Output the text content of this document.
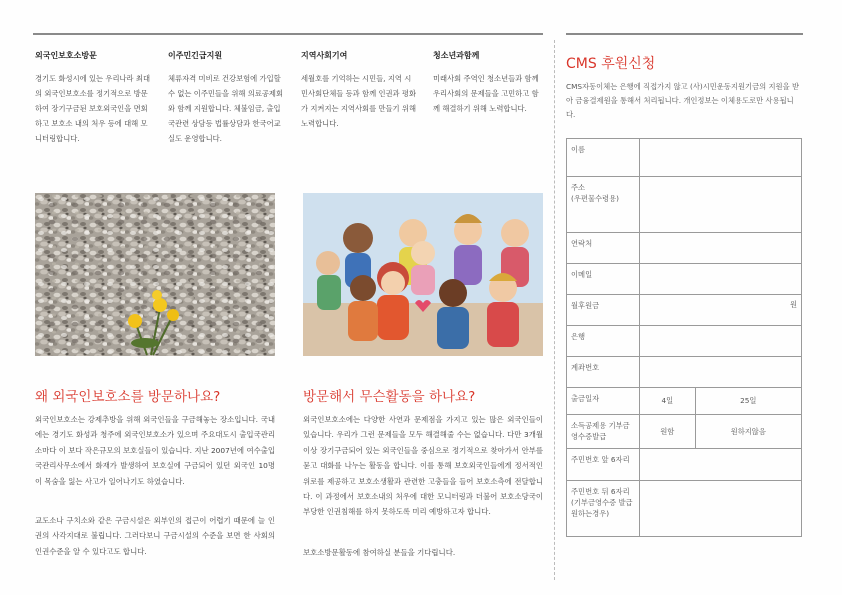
외국인보호소방문
경기도 화성시에 있는 우리나라 최대의 외국인보호소를 정기적으로 방문하여 장기구금된 보호외국인을 면회하고 보호소 내의 처우 등에 대해 모니터링합니다.
이주민긴급지원
체류자격 미비로 건강보험에 가입할 수 없는 이주민들을 위해 의료공제회와 함께 지원합니다. 체불임금, 출입국관련 상담등 법률상담과 한국어교실도 운영합니다.
지역사회기여
세월호를 기억하는 시민들, 지역 시민사회단체들 등과 함께 인권과 평화가 지켜지는 지역사회를 만들기 위해 노력합니다.
청소년과함께
미래사회 주역인 청소년들과 함께 우리사회의 문제들을 고민하고 함께 해결하기 위해 노력합니다.
왜 외국인보호소를 방문하나요?
외국인보호소는 강제추방을 위해 외국인들을 구금해놓는 장소입니다. 국내에는 경기도 화성과 청주에 외국인보호소가 있으며 주요대도시 출입국관리소마다 이 보다 작은규모의 보호실들이 있습니다. 지난 2007년에 여수출입국관리사무소에서 화재가 발생하여 보호실에 구금되어 있던 외국인 10명이 목숨을 잃는 사고가 일어나기도 하였습니다.
교도소나 구치소와 같은 구금시설은 외부인의 접근이 어렵기 때문에 늘 인권의 사각지대로 불립니다. 그러다보니 구금시설의 수준을 보면 한 사회의 인권수준을 알 수 있다고도 합니다.
방문해서 무슨활동을 하나요?
외국인보호소에는 다양한 사연과 문제점을 가지고 있는 많은 외국인들이 있습니다. 우리가 그런 문제들을 모두 해결해줄 수는 없습니다. 다만 3개월 이상 장기구금되어 있는 외국인들을 중심으로 정기적으로 찾아가서 안부를 묻고 대화를 나누는 활동을 합니다. 이를 통해 보호외국인들에게 정서적인 위로를 제공하고 보호소생활과 관련한 고충들을 들어 보호소측에 전달합니다. 이 과정에서 보호소내의 처우에 대한 모니터링과 더불어 보호소당국이 부당한 인권침해를 하지 못하도록 미리 예방하고자 합니다.
보호소방문활동에 참여하실 분들을 기다립니다.
CMS 후원신청
CMS자동이체는 은행에 직접가지 않고 (사)시민운동지원기금의 지원을 받아 금융결제원을 통해서 처리됩니다. 개인정보는 이체용도로만 사용됩니다.
이름		
주소
(우편물수령용)		
연락처		
이메일		
월후원금	원	
은행		
계좌번호		
출금일자	4일	25일
소득공제용 기부금영수증발급	원함	원하지않음
주민번호 앞 6자리		
주민번호 뒤 6자리(기부금영수증 발급원하는경우)		
